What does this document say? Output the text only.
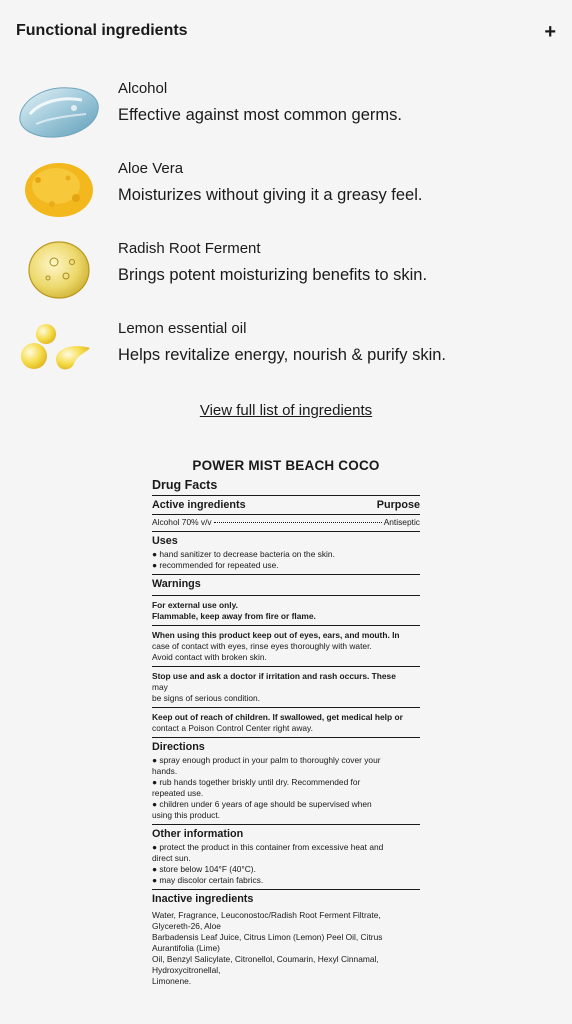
Functional ingredients	+
Alcohol
Effective against most common germs.
Aloe Vera
Moisturizes without giving it a greasy feel.
Radish Root Ferment
Brings potent moisturizing benefits to skin.
Lemon essential oil
Helps revitalize energy, nourish & purify skin.
View full list of ingredients
POWER MIST BEACH COCO
Drug Facts
Active ingredients	Purpose
Alcohol 70% v/v	Antiseptic
Uses

● hand sanitizer to decrease bacteria on the skin.

● recommended for repeated use.

Warnings

For external use only.

Flammable, keep away from fire or flame.

When using this product keep out of eyes, ears, and mouth. In

case of contact with eyes, rinse eyes thoroughly with water.

Avoid contact with broken skin.

Stop use and ask a doctor if irritation and rash occurs. These

may

be signs of serious condition.

Keep out of reach of children. If swallowed, get medical help or

contact a Poison Control Center right away.

Directions

● spray enough product in your palm to thoroughly cover your

hands.

● rub hands together briskly until dry. Recommended for

repeated use.

● children under 6 years of age should be supervised when

using this product.

Other information

● protect the product in this container from excessive heat and

direct sun.

● store below 104°F (40°C).

● may discolor certain fabrics.

Inactive ingredients

Water, Fragrance, Leuconostoc/Radish Root Ferment Filtrate,

Glycereth-26, Aloe

Barbadensis Leaf Juice, Citrus Limon (Lemon) Peel Oil, Citrus

Aurantifolia (Lime)

Oil, Benzyl Salicylate, Citronellol, Coumarin, Hexyl Cinnamal,

Hydroxycitronellal,

Limonene.
